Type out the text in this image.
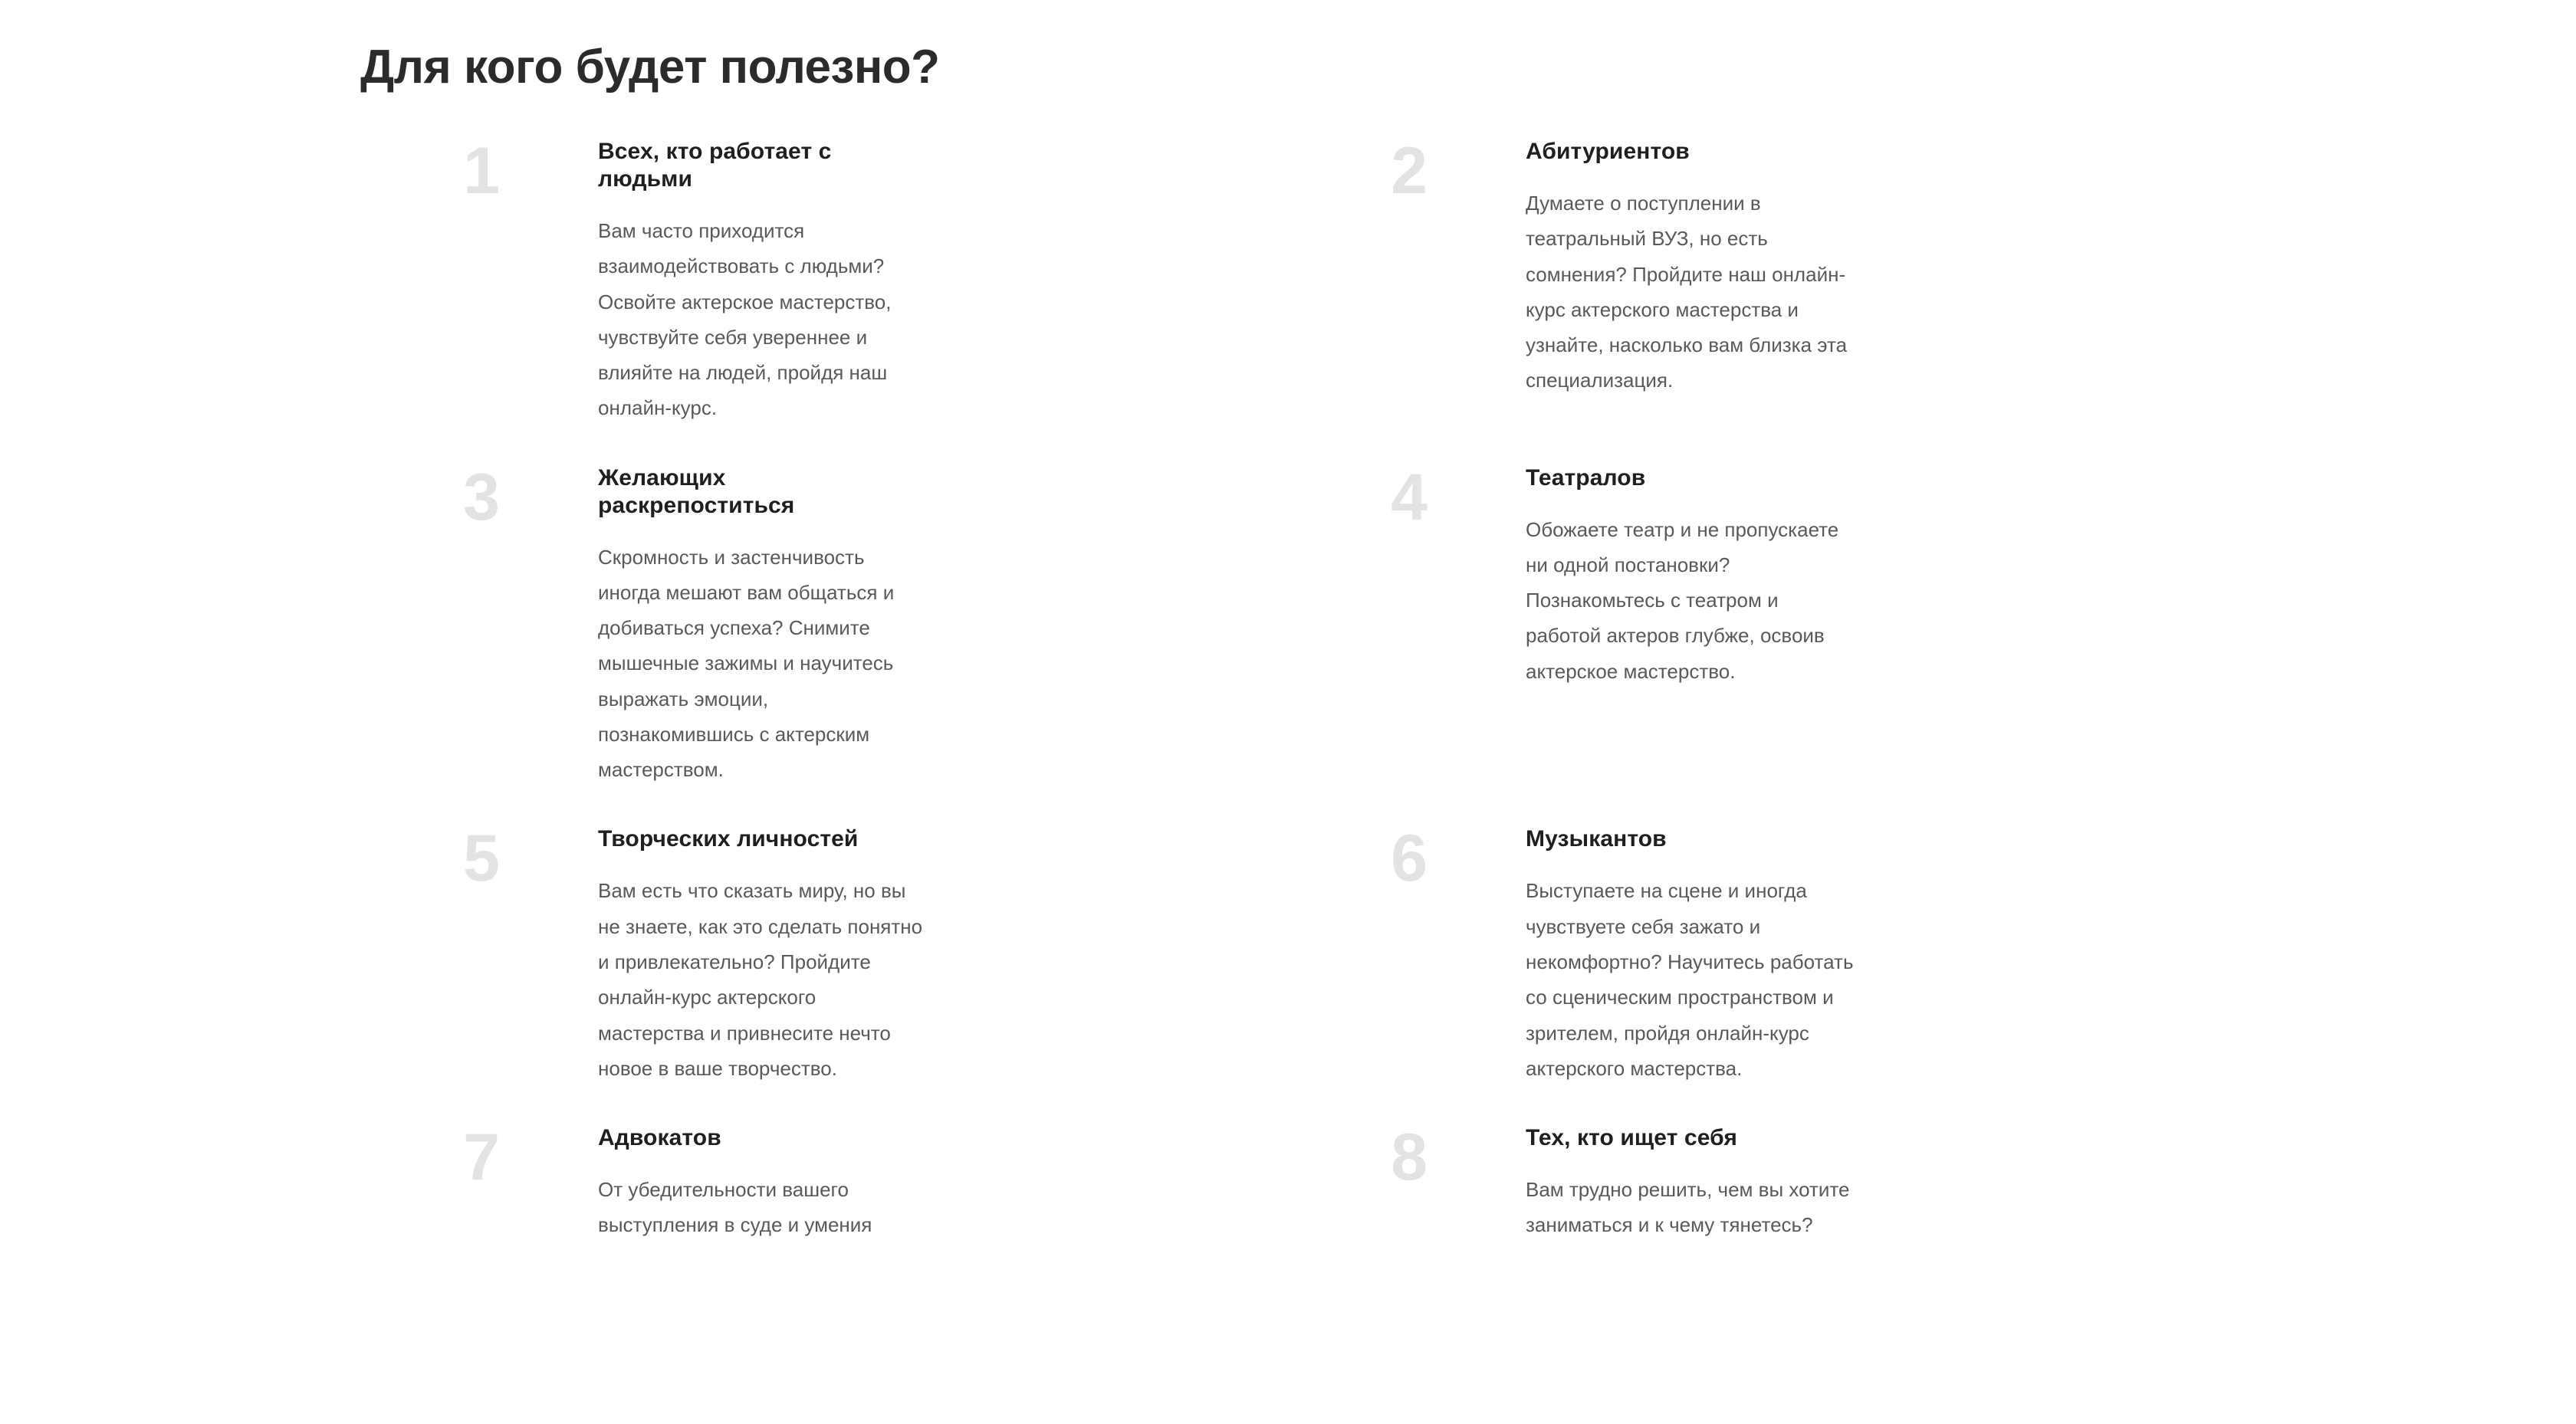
Для кого будет полезно?
1	Всех, кто работает с людьми

Вам часто приходится взаимодействовать с людьми? Освойте актерское мастерство, чувствуйте себя увереннее и влияйте на людей, пройдя наш онлайн-курс.

2	Абитуриентов

Думаете о поступлении в театральный ВУЗ, но есть сомнения? Пройдите наш онлайн-курс актерского мастерства и узнайте, насколько вам близка эта специализация.

3	Желающих раскрепоститься

Скромность и застенчивость иногда мешают вам общаться и добиваться успеха? Снимите мышечные зажимы и научитесь выражать эмоции, познакомившись с актерским мастерством.

4	Театралов

Обожаете театр и не пропускаете ни одной постановки? Познакомьтесь с театром и работой актеров глубже, освоив актерское мастерство.

5	Творческих личностей

Вам есть что сказать миру, но вы не знаете, как это сделать понятно и привлекательно? Пройдите онлайн-курс актерского мастерства и привнесите нечто новое в ваше творчество.

6	Музыкантов

Выступаете на сцене и иногда чувствуете себя зажато и некомфортно? Научитесь работать со сценическим пространством и зрителем, пройдя онлайн-курс актерского мастерства.

7	Адвокатов

От убедительности вашего выступления в суде и умения

8	Тех, кто ищет себя

Вам трудно решить, чем вы хотите заниматься и к чему тянетесь?
